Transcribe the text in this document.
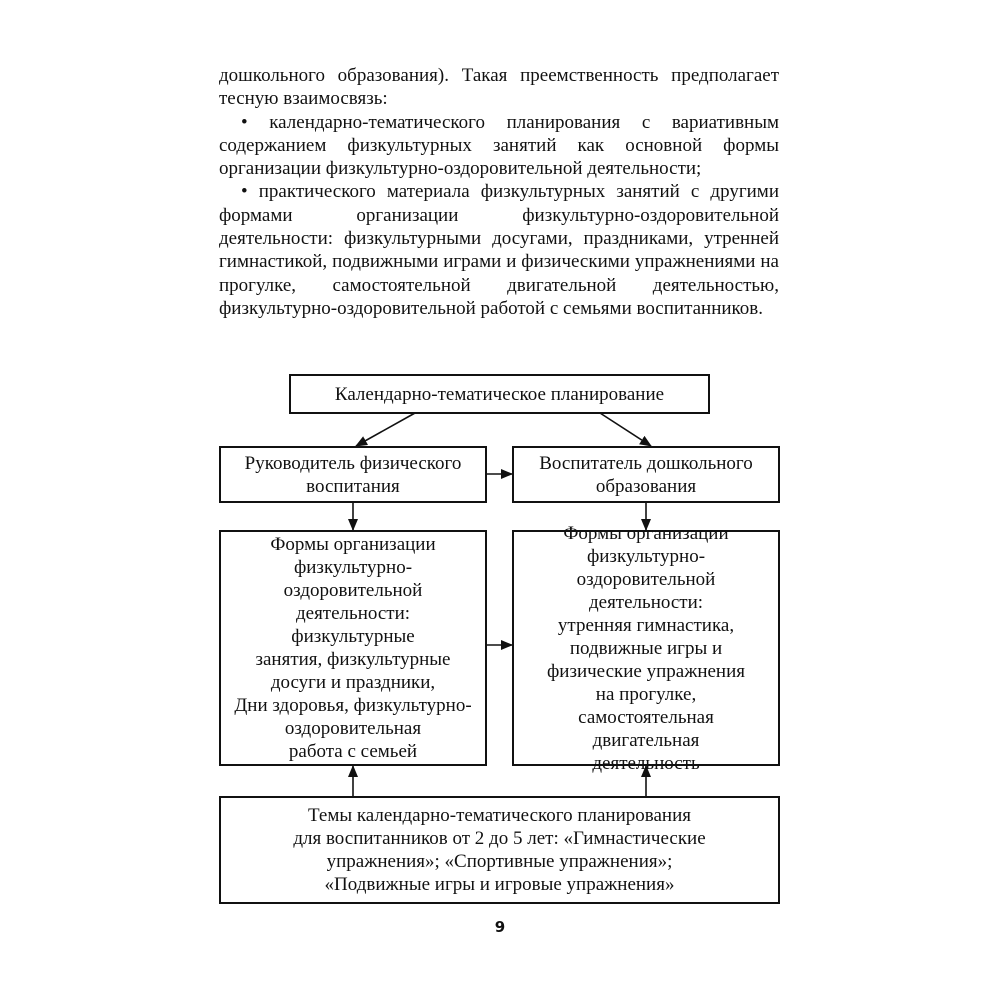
дошкольного образования). Такая преемственность предполагает тесную взаимосвязь:

• календарно-тематического планирования с вариативным содержанием физкультурных занятий как основной формы организации физкультурно-оздоровительной деятельности;

• практического материала физкультурных занятий с другими формами организации физкультурно-оздоровительной деятельности: физкультурными досугами, праздниками, утренней гимнастикой, подвижными играми и физическими упражнениями на прогулке, самостоятельной двигательной деятельностью, физкультурно-оздоровительной работой с семьями воспитанников.

Календарно-тематическое планирование
Руководитель физического
воспитания
Воспитатель дошкольного
образования
Формы организации
физкультурно-оздоровительной деятельности:
физкультурные
занятия, физкультурные
досуги и праздники,
Дни здоровья, физкультурно-оздоровительная
работа с семьей
Формы организации
физкультурно-оздоровительной деятельности:
утренняя гимнастика,
подвижные игры и физические упражнения
на прогулке, самостоятельная двигательная
деятельность
Темы календарно-тематического планирования
для воспитанников от 2 до 5 лет: «Гимнастические
упражнения»; «Спортивные упражнения»;
«Подвижные игры и игровые упражнения»
9
